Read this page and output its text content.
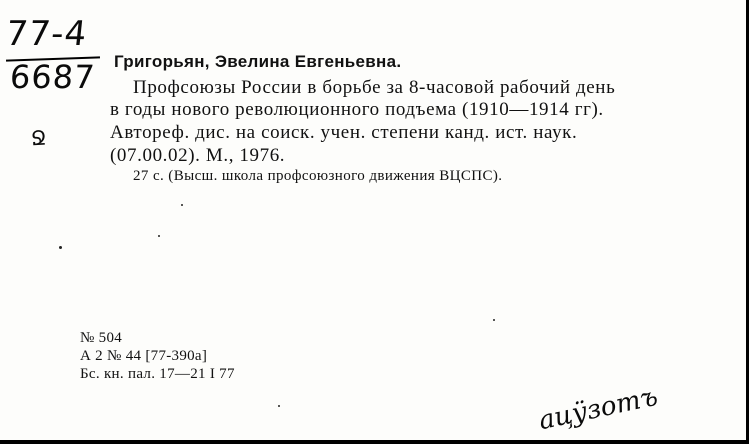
77-4
6687
Ջ
Григорьян, Эвелина Евгеньевна.
Профсоюзы России в борьбе за 8-часовой рабочий день
в годы нового революционного подъема (1910—1914 гг).
Автореф. дис. на соиск. учен. степени канд. ист. наук.
(07.00.02). М., 1976.
27 с. (Высш. школа профсоюзного движения ВЦСПС).
№ 504
А 2 № 44 [77-390а]
Бс. кн. пал. 17—21 I 77
ацӱзотъ
